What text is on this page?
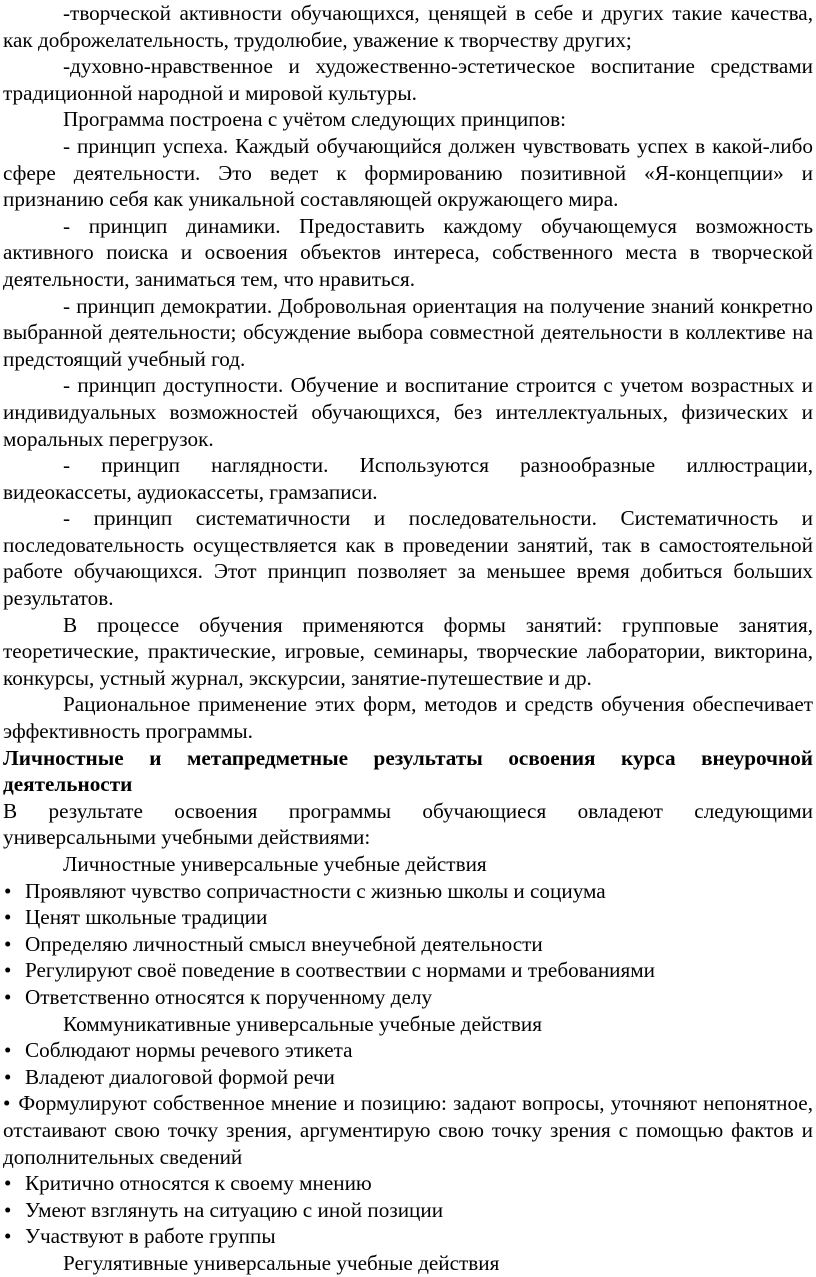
-творческой активности обучающихся, ценящей в себе и других такие качества, как доброжелательность, трудолюбие, уважение к творчеству других;

-духовно-нравственное и художественно-эстетическое воспитание средствами традиционной народной и мировой культуры.

Программа построена с учётом следующих принципов:

- принцип успеха. Каждый обучающийся должен чувствовать успех в какой-либо сфере деятельности. Это ведет к формированию позитивной «Я-концепции» и признанию себя как уникальной составляющей окружающего мира.

- принцип динамики. Предоставить каждому обучающемуся возможность активного поиска и освоения объектов интереса, собственного места в творческой деятельности, заниматься тем, что нравиться.

- принцип демократии. Добровольная ориентация на получение знаний конкретно выбранной деятельности; обсуждение выбора совместной деятельности в коллективе на предстоящий учебный год.

- принцип доступности. Обучение и воспитание строится с учетом возрастных и индивидуальных возможностей обучающихся, без интеллектуальных, физических и моральных перегрузок.

- принцип наглядности. Используются разнообразные иллюстрации, видеокассеты, аудиокассеты, грамзаписи.

- принцип систематичности и последовательности. Систематичность и последовательность осуществляется как в проведении занятий, так в самостоятельной работе обучающихся. Этот принцип позволяет за меньшее время добиться больших результатов.

В процессе обучения применяются формы занятий: групповые занятия, теоретические, практические, игровые, семинары, творческие лаборатории, викторина, конкурсы, устный журнал, экскурсии, занятие-путешествие и др.

Рациональное применение этих форм, методов и средств обучения обеспечивает эффективность программы.

Личностные и метапредметные результаты освоения курса внеурочной деятельности

В результате освоения программы обучающиеся овладеют следующими универсальными учебными действиями:

Личностные универсальные учебные действия

• Проявляют чувство сопричастности с жизнью школы и социума
• Ценят школьные традиции
• Определяю личностный смысл внеучебной деятельности
• Регулируют своё поведение в соотвествии с нормами и требованиями
• Ответственно относятся к порученному делу

Коммуникативные универсальные учебные действия

• Соблюдают нормы речевого этикета
• Владеют диалоговой формой речи
• Формулируют собственное мнение и позицию: задают вопросы, уточняют непонятное, отстаивают свою точку зрения, аргументирую свою точку зрения с помощью фактов и дополнительных сведений
• Критично относятся к своему мнению
• Умеют взглянуть на ситуацию с иной позиции
• Участвуют в работе группы

Регулятивные универсальные учебные действия
